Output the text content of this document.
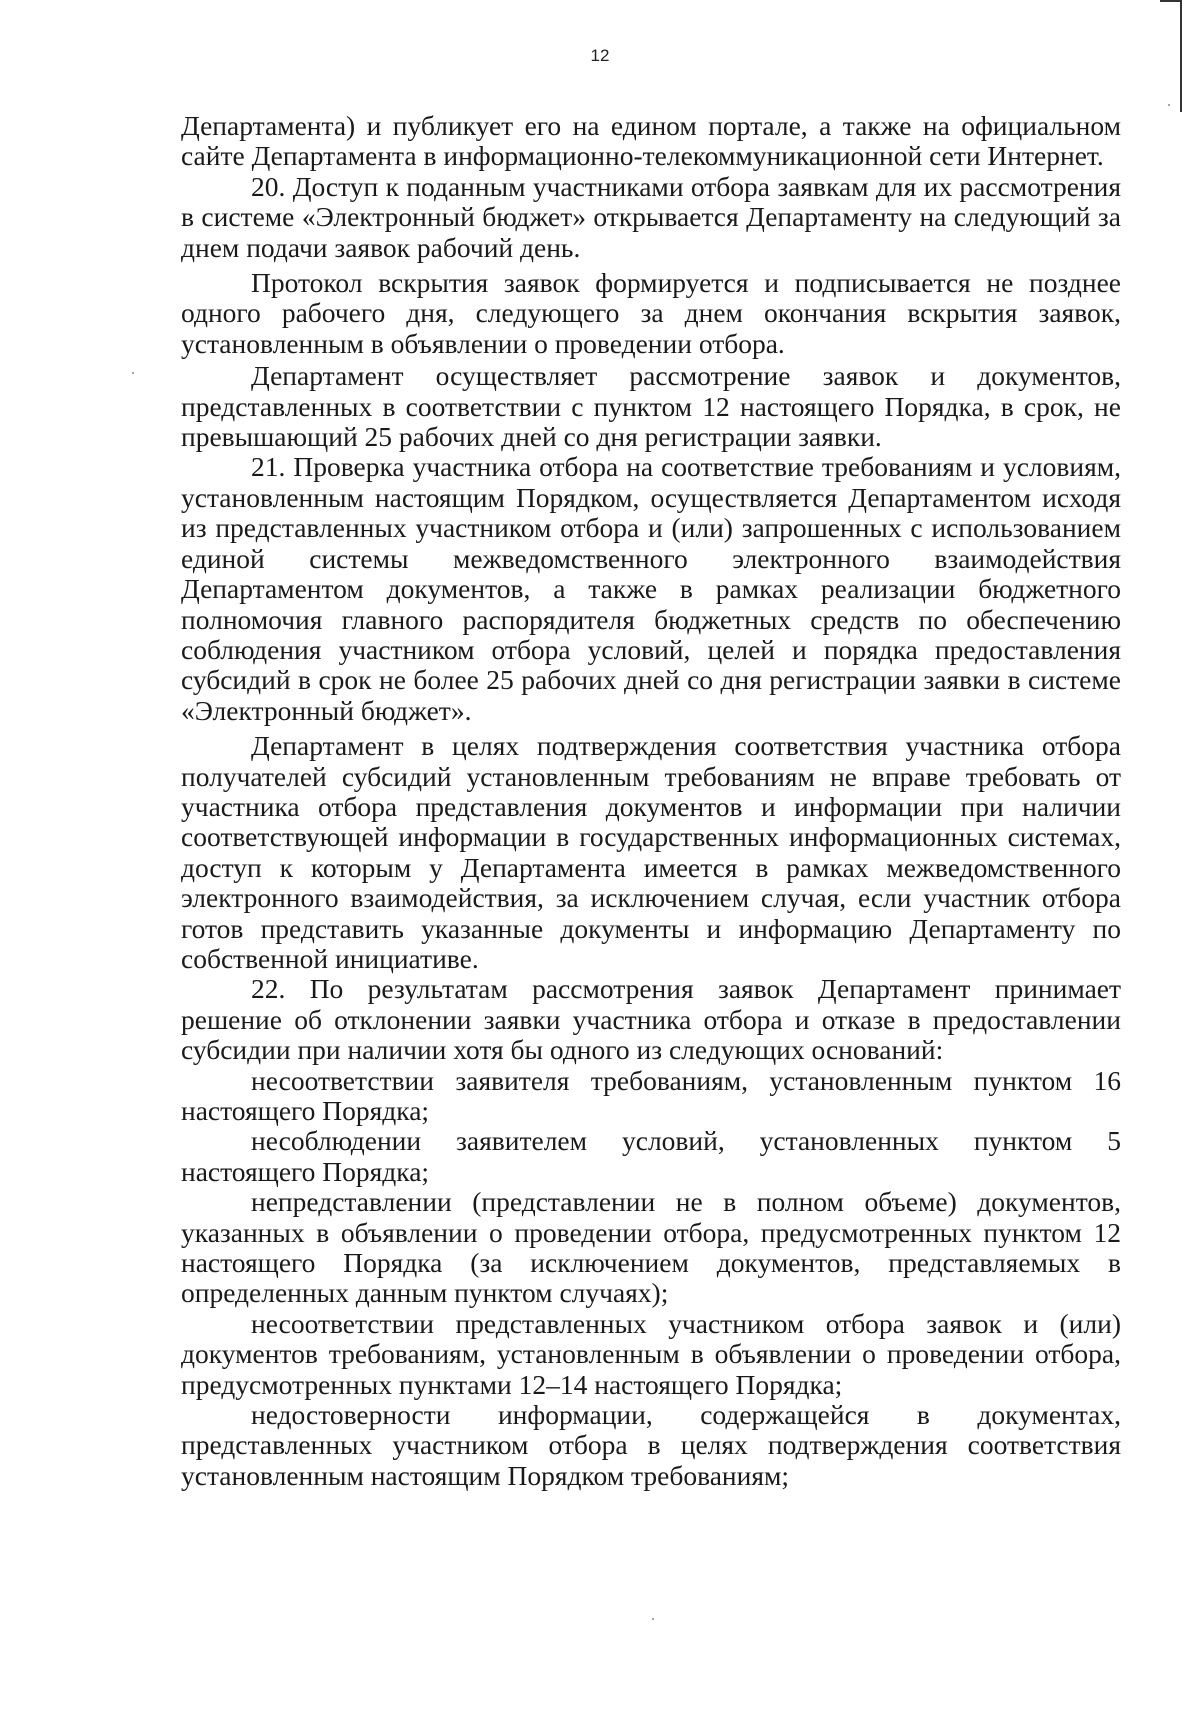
12

Департамента) и публикует его на едином портале, а также на официальном сайте Департамента в информационно-телекоммуникационной сети Интернет.

20. Доступ к поданным участниками отбора заявкам для их рассмотрения в системе «Электронный бюджет» открывается Департаменту на следующий за днем подачи заявок рабочий день.

Протокол вскрытия заявок формируется и подписывается не позднее одного рабочего дня, следующего за днем окончания вскрытия заявок, установленным в объявлении о проведении отбора.

Департамент осуществляет рассмотрение заявок и документов, представленных в соответствии с пунктом 12 настоящего Порядка, в срок, не превышающий 25 рабочих дней со дня регистрации заявки.

21. Проверка участника отбора на соответствие требованиям и условиям, установленным настоящим Порядком, осуществляется Департаментом исходя из представленных участником отбора и (или) запрошенных с использованием единой системы межведомственного электронного взаимодействия Департаментом документов, а также в рамках реализации бюджетного полномочия главного распорядителя бюджетных средств по обеспечению соблюдения участником отбора условий, целей и порядка предоставления субсидий в срок не более 25 рабочих дней со дня регистрации заявки в системе «Электронный бюджет».

Департамент в целях подтверждения соответствия участника отбора получателей субсидий установленным требованиям не вправе требовать от участника отбора представления документов и информации при наличии соответствующей информации в государственных информационных системах, доступ к которым у Департамента имеется в рамках межведомственного электронного взаимодействия, за исключением случая, если участник отбора готов представить указанные документы и информацию Департаменту по собственной инициативе.

22. По результатам рассмотрения заявок Департамент принимает решение об отклонении заявки участника отбора и отказе в предоставлении субсидии при наличии хотя бы одного из следующих оснований:

несоответствии заявителя требованиям, установленным пунктом 16 настоящего Порядка;

несоблюдении заявителем условий, установленных пунктом 5 настоящего Порядка;

непредставлении (представлении не в полном объеме) документов, указанных в объявлении о проведении отбора, предусмотренных пунктом 12 настоящего Порядка (за исключением документов, представляемых в определенных данным пунктом случаях);

несоответствии представленных участником отбора заявок и (или) документов требованиям, установленным в объявлении о проведении отбора, предусмотренных пунктами 12–14 настоящего Порядка;

недостоверности информации, содержащейся в документах, представленных участником отбора в целях подтверждения соответствия установленным настоящим Порядком требованиям;
